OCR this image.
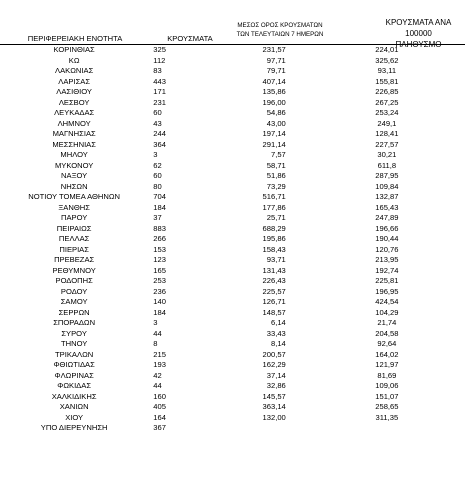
ΠΕΡΙΦΕΡΕΙΑΚΗ ΕΝΟΤΗΤΑ	ΚΡΟΥΣΜΑΤΑ
ΜΕΣΟΣ ΟΡΟΣ ΚΡΟΥΣΜΑΤΩΝ
ΤΩΝ ΤΕΛΕΥΤΑΙΩΝ 7 ΗΜΕΡΩΝ
ΚΡΟΥΣΜΑΤΑ ΑΝΑ 100000
ΠΛΗΘΥΣΜΟ
ΚΟΡΙΝΘΙΑΣ	325	231,57	224,01
ΚΩ	112	97,71	325,62
ΛΑΚΩΝΙΑΣ	83	79,71	93,11
ΛΑΡΙΣΑΣ	443	407,14	155,81
ΛΑΣΙΘΙΟΥ	171	135,86	226,85
ΛΕΣΒΟΥ	231	196,00	267,25
ΛΕΥΚΑΔΑΣ	60	54,86	253,24
ΛΗΜΝΟΥ	43	43,00	249,1
ΜΑΓΝΗΣΙΑΣ	244	197,14	128,41
ΜΕΣΣΗΝΙΑΣ	364	291,14	227,57
ΜΗΛΟΥ	3	7,57	30,21
ΜΥΚΟΝΟΥ	62	58,71	611,8
ΝΑΞΟΥ	60	51,86	287,95
ΝΗΣΩΝ	80	73,29	109,84
ΝΟΤΙΟΥ ΤΟΜΕΑ ΑΘΗΝΩΝ	704	516,71	132,87
ΞΑΝΘΗΣ	184	177,86	165,43
ΠΑΡΟΥ	37	25,71	247,89
ΠΕΙΡΑΙΩΣ	883	688,29	196,66
ΠΕΛΛΑΣ	266	195,86	190,44
ΠΙΕΡΙΑΣ	153	158,43	120,76
ΠΡΕΒΕΖΑΣ	123	93,71	213,95
ΡΕΘΥΜΝΟΥ	165	131,43	192,74
ΡΟΔΟΠΗΣ	253	226,43	225,81
ΡΟΔΟΥ	236	225,57	196,95
ΣΑΜΟΥ	140	126,71	424,54
ΣΕΡΡΩΝ	184	148,57	104,29
ΣΠΟΡΑΔΩΝ	3	6,14	21,74
ΣΥΡΟΥ	44	33,43	204,58
ΤΗΝΟΥ	8	8,14	92,64
ΤΡΙΚΑΛΩΝ	215	200,57	164,02
ΦΘΙΩΤΙΔΑΣ	193	162,29	121,97
ΦΛΩΡΙΝΑΣ	42	37,14	81,69
ΦΩΚΙΔΑΣ	44	32,86	109,06
ΧΑΛΚΙΔΙΚΗΣ	160	145,57	151,07
ΧΑΝΙΩΝ	405	363,14	258,65
ΧΙΟΥ	164	132,00	311,35
ΥΠΟ ΔΙΕΡΕΥΝΗΣΗ	367
